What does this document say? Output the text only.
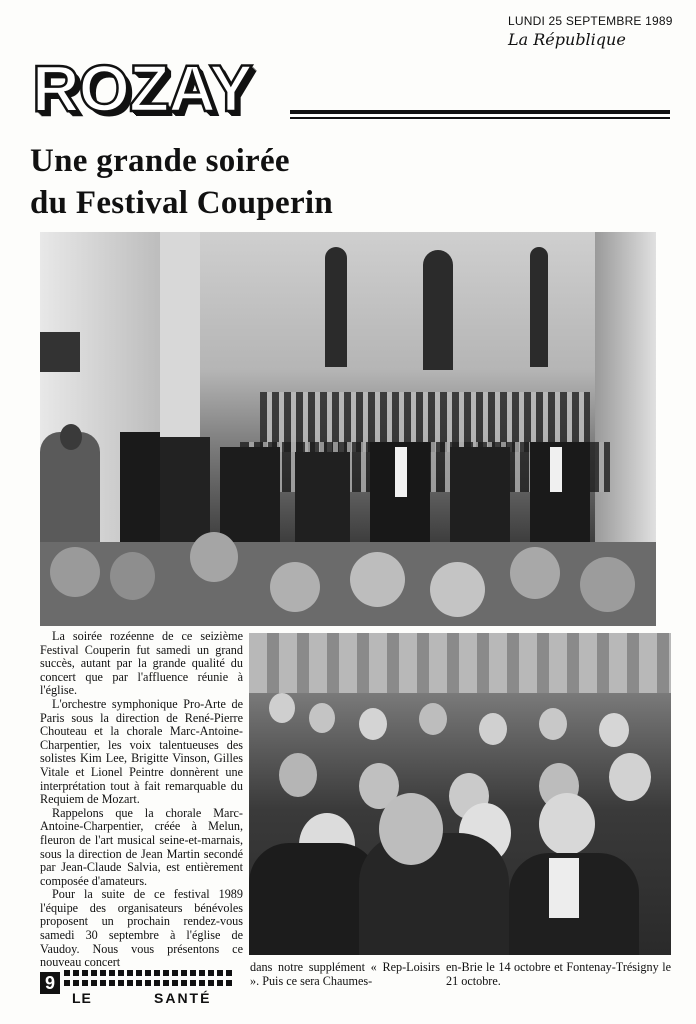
LUNDI 25 SEPTEMBRE 1989
La République
ROZAY
Une grande soirée
du Festival Couperin

La soirée rozéenne de ce seizième Festival Couperin fut samedi un grand succès, autant par la grande qualité du concert que par l'affluence réunie à l'église.

L'orchestre symphonique Pro-Arte de Paris sous la direction de René-Pierre Chouteau et la chorale Marc-Antoine-Charpentier, les voix talentueuses des solistes Kim Lee, Brigitte Vinson, Gilles Vitale et Lionel Peintre donnèrent une interprétation tout à fait remarquable du Requiem de Mozart.

Rappelons que la chorale Marc-Antoine-Charpentier, créée à Melun, fleuron de l'art musical seine-et-marnais, sous la direction de Jean Martin secondé par Jean-Claude Salvia, est entièrement composée d'amateurs.

Pour la suite de ce festival 1989 l'équipe des organisateurs bénévoles proposent un prochain rendez-vous samedi 30 septembre à l'église de Vaudoy. Nous vous présentons ce nouveau concert	dans notre supplément « Rep-Loisirs ». Puis ce sera Chaumes-
en-Brie le 14 octobre et Fontenay-Trésigny le 21 octobre.
9
LE	SANTÉ
